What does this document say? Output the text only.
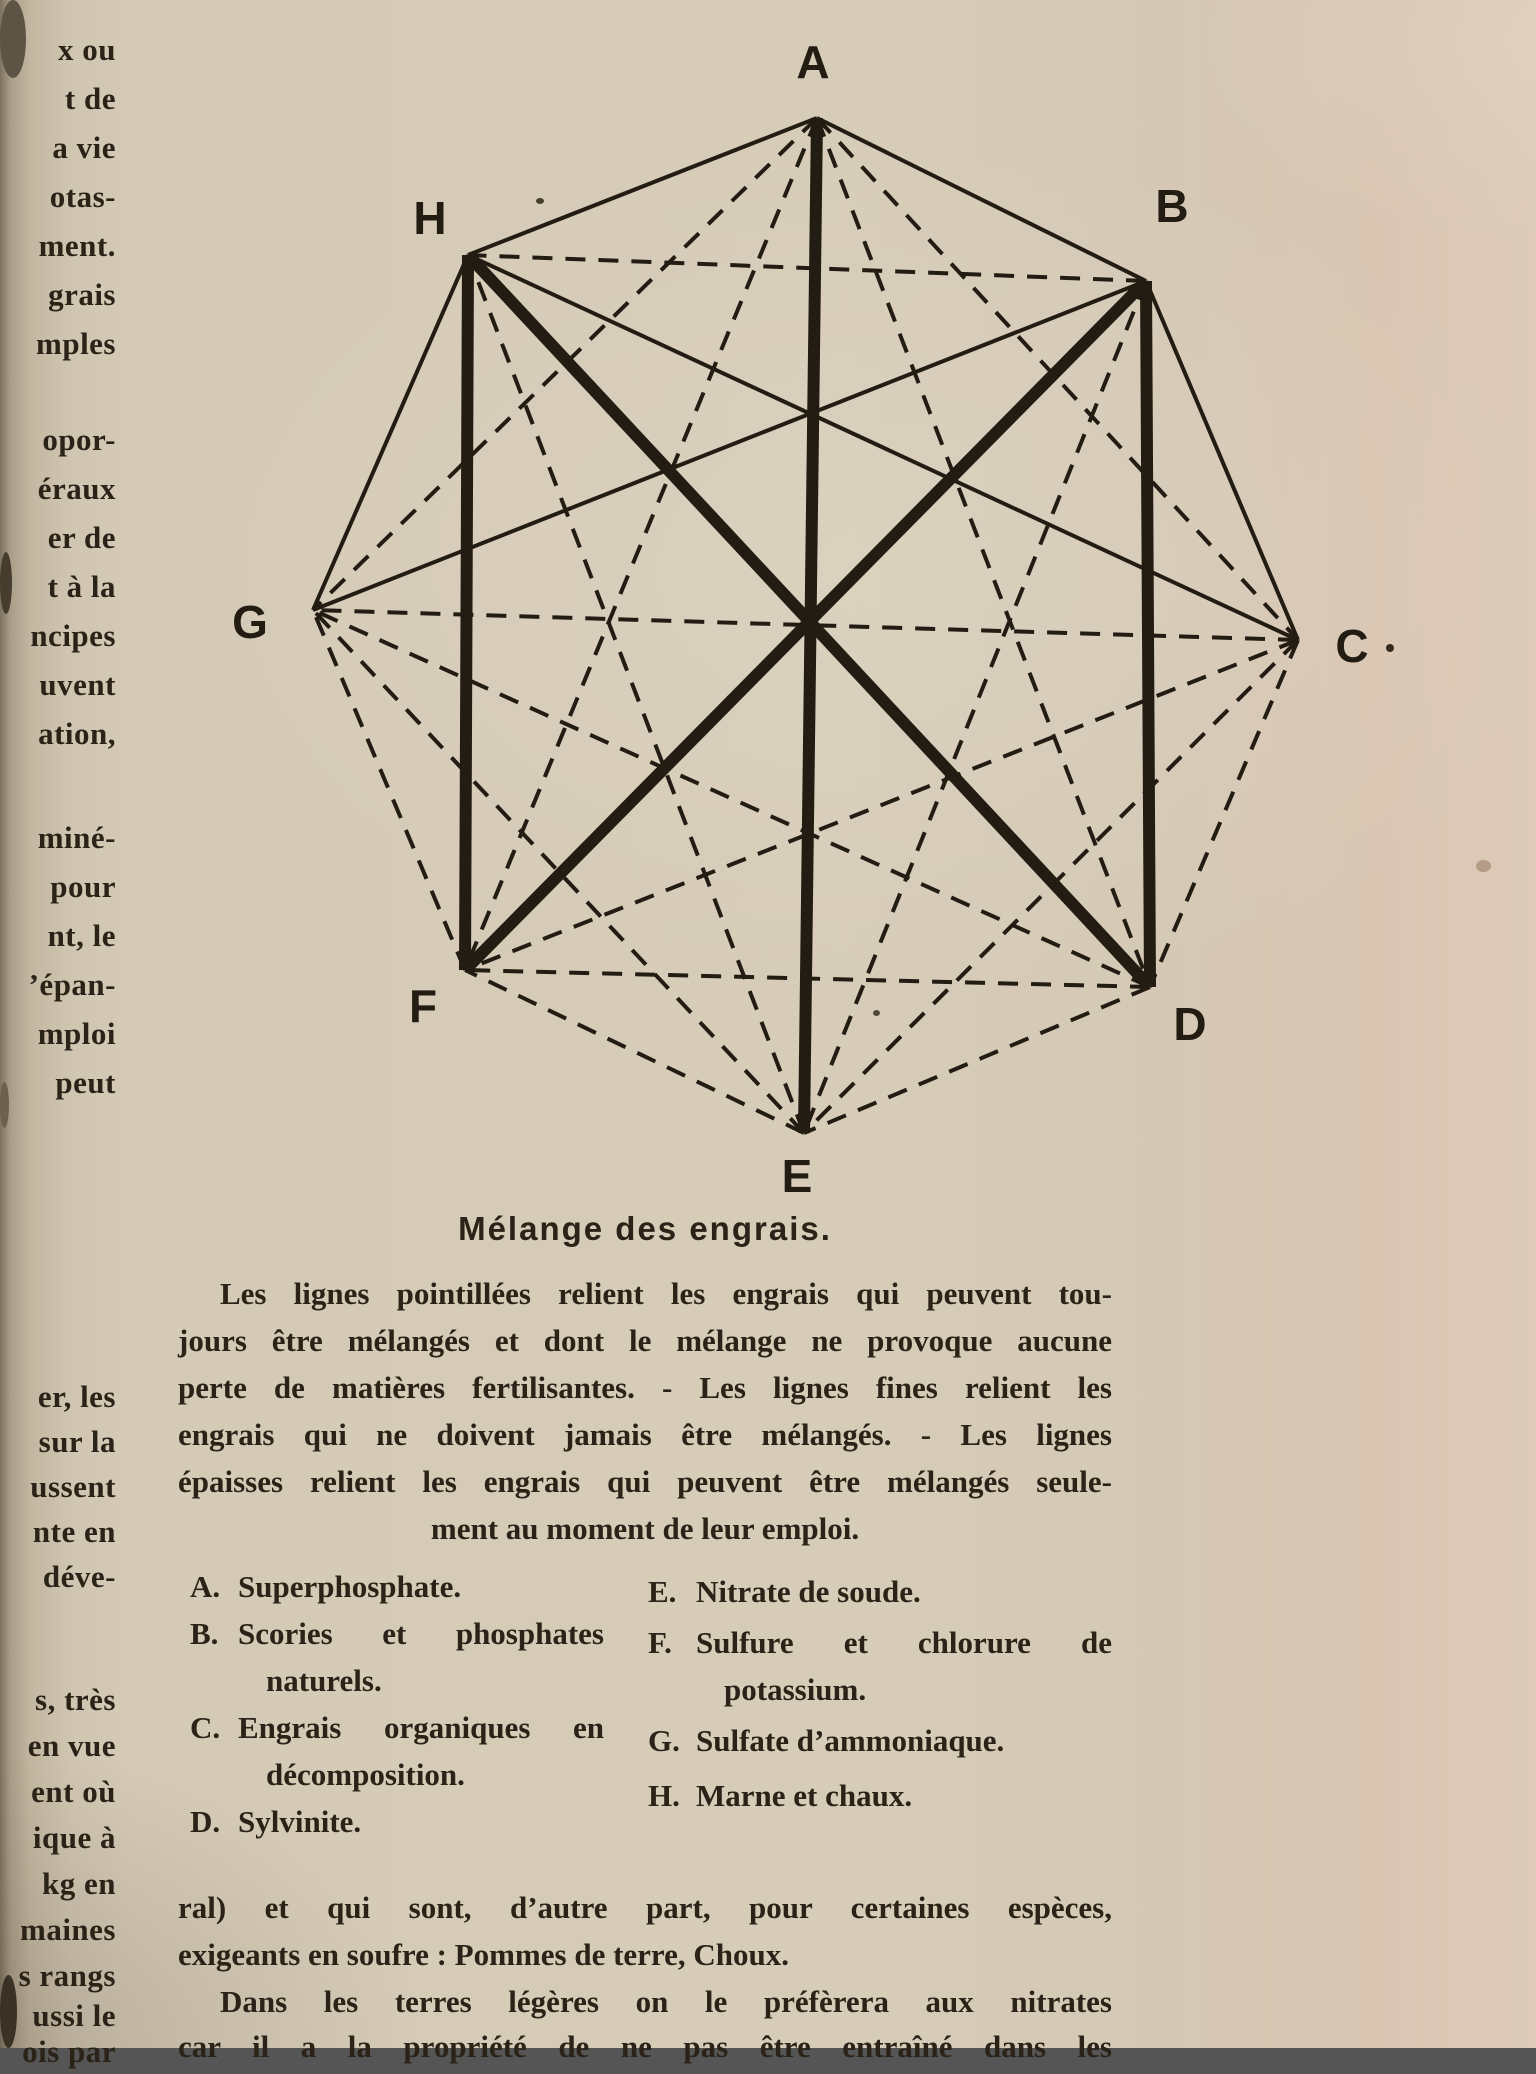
x ou
t de
a vie
otas-
ment.
grais
mples
opor-
éraux
er de
t à la
ncipes
uvent
ation,
miné-
pour
nt, le
’épan-
mploi
peut
er, les
sur la
ussent
nte en
déve-
s, très
en vue
ent où
ique à
kg en
maines
s rangs
ussi le
ois par
A
B
C
D
E
F
G
H
Mélange des engrais.
Les lignes pointillées relient les engrais qui peuvent tou-
jours être mélangés et dont le mélange ne provoque aucune
perte de matières fertilisantes. - Les lignes fines relient les
engrais qui ne doivent jamais être mélangés. - Les lignes
épaisses relient les engrais qui peuvent être mélangés seule-
ment au moment de leur emploi.
A. Superphosphate.
B. Scories et phosphates
naturels.
C. Engrais organiques en
décomposition.
D. Sylvinite.
E. Nitrate de soude.
F. Sulfure et chlorure de
potassium.
G. Sulfate d’ammoniaque.
H. Marne et chaux.
ral) et qui sont, d’autre part, pour certaines espèces,
exigeants en soufre : Pommes de terre, Choux.
Dans les terres légères on le préfèrera aux nitrates
car il a la propriété de ne pas être entraîné dans les
